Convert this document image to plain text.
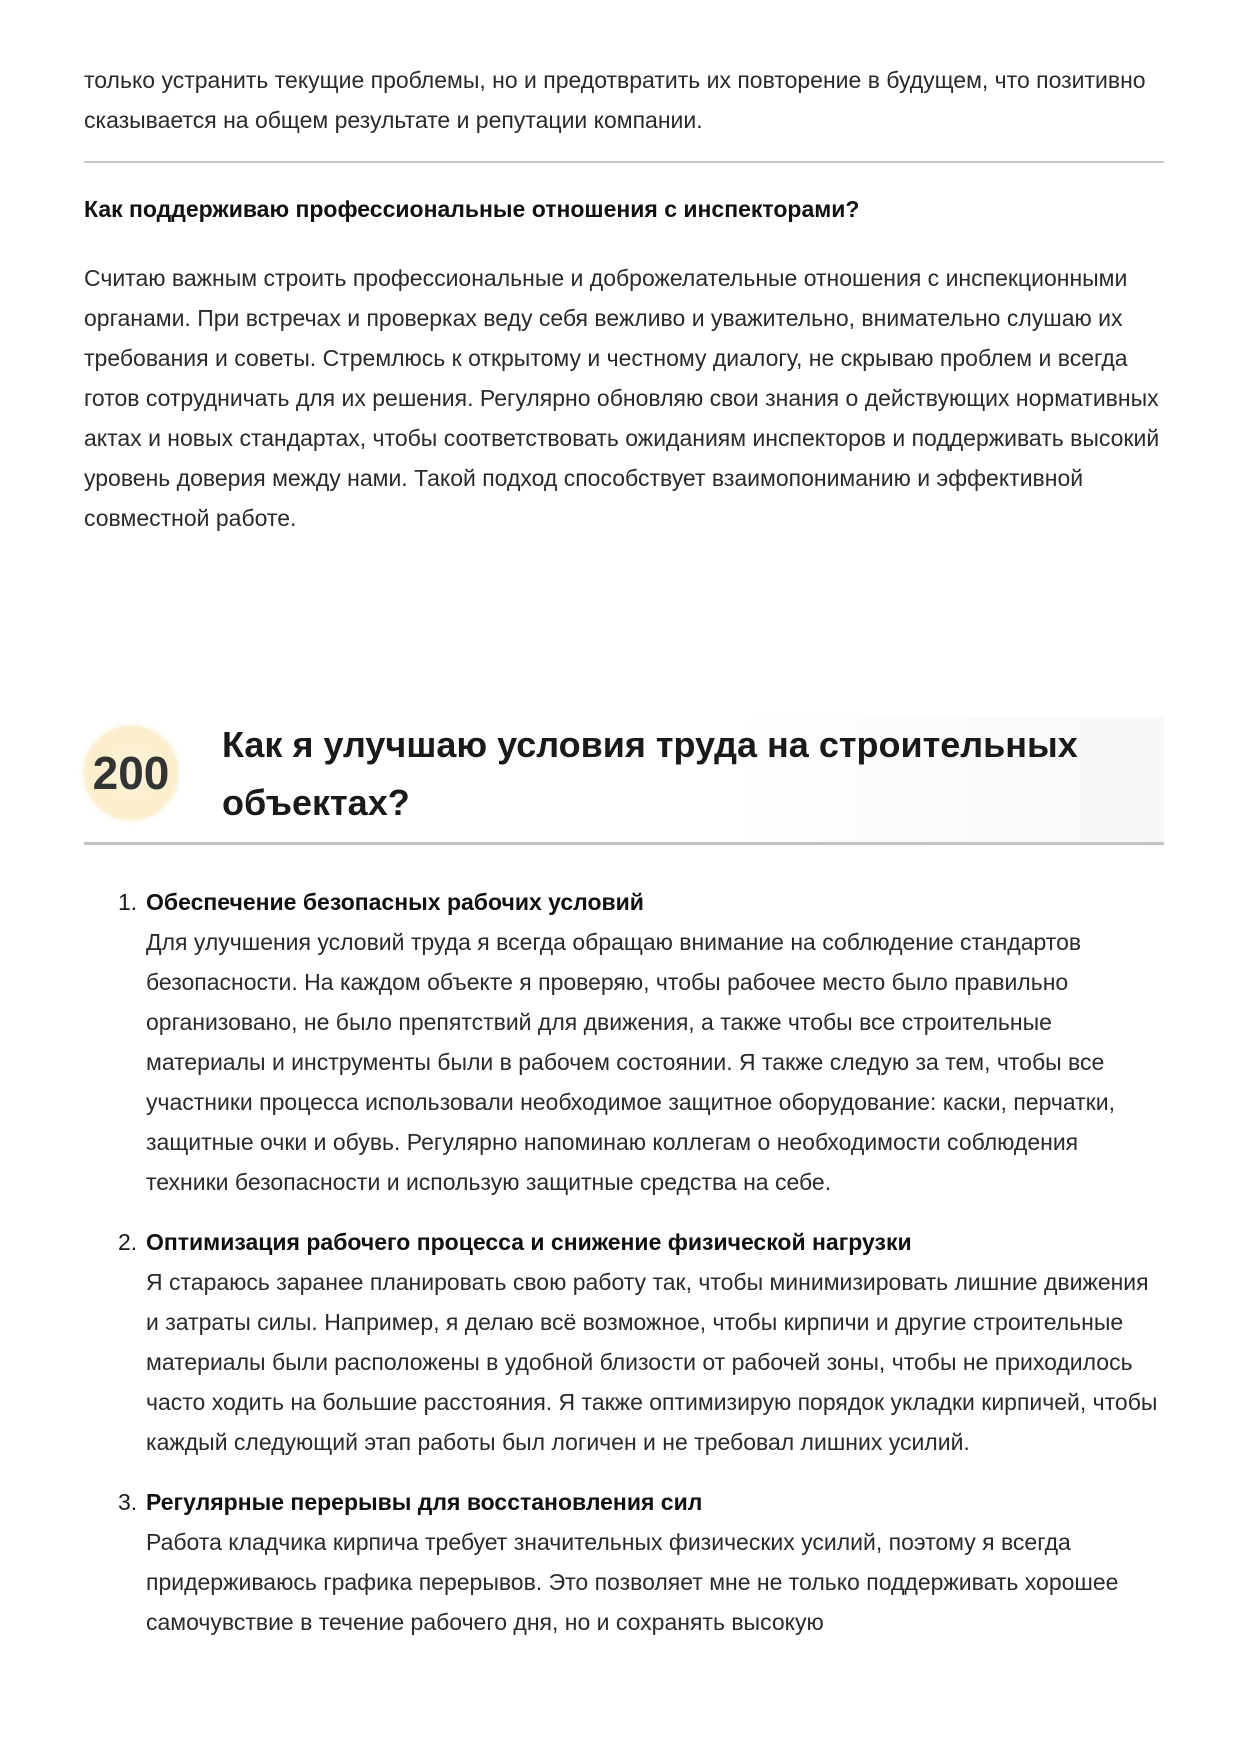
только устранить текущие проблемы, но и предотвратить их повторение в будущем, что позитивно сказывается на общем результате и репутации компании.

Как поддерживаю профессиональные отношения с инспекторами?

Считаю важным строить профессиональные и доброжелательные отношения с инспекционными органами. При встречах и проверках веду себя вежливо и уважительно, внимательно слушаю их требования и советы. Стремлюсь к открытому и честному диалогу, не скрываю проблем и всегда готов сотрудничать для их решения. Регулярно обновляю свои знания о действующих нормативных актах и новых стандартах, чтобы соответствовать ожиданиям инспекторов и поддерживать высокий уровень доверия между нами. Такой подход способствует взаимопониманию и эффективной совместной работе.

200
Как я улучшаю условия труда на строительных объектах?
1. Обеспечение безопасных рабочих условий

Для улучшения условий труда я всегда обращаю внимание на соблюдение стандартов безопасности. На каждом объекте я проверяю, чтобы рабочее место было правильно организовано, не было препятствий для движения, а также чтобы все строительные материалы и инструменты были в рабочем состоянии. Я также следую за тем, чтобы все участники процесса использовали необходимое защитное оборудование: каски, перчатки, защитные очки и обувь. Регулярно напоминаю коллегам о необходимости соблюдения техники безопасности и использую защитные средства на себе.

2. Оптимизация рабочего процесса и снижение физической нагрузки

Я стараюсь заранее планировать свою работу так, чтобы минимизировать лишние движения и затраты силы. Например, я делаю всё возможное, чтобы кирпичи и другие строительные материалы были расположены в удобной близости от рабочей зоны, чтобы не приходилось часто ходить на большие расстояния. Я также оптимизирую порядок укладки кирпичей, чтобы каждый следующий этап работы был логичен и не требовал лишних усилий.

3. Регулярные перерывы для восстановления сил

Работа кладчика кирпича требует значительных физических усилий, поэтому я всегда придерживаюсь графика перерывов. Это позволяет мне не только поддерживать хорошее самочувствие в течение рабочего дня, но и сохранять высокую
